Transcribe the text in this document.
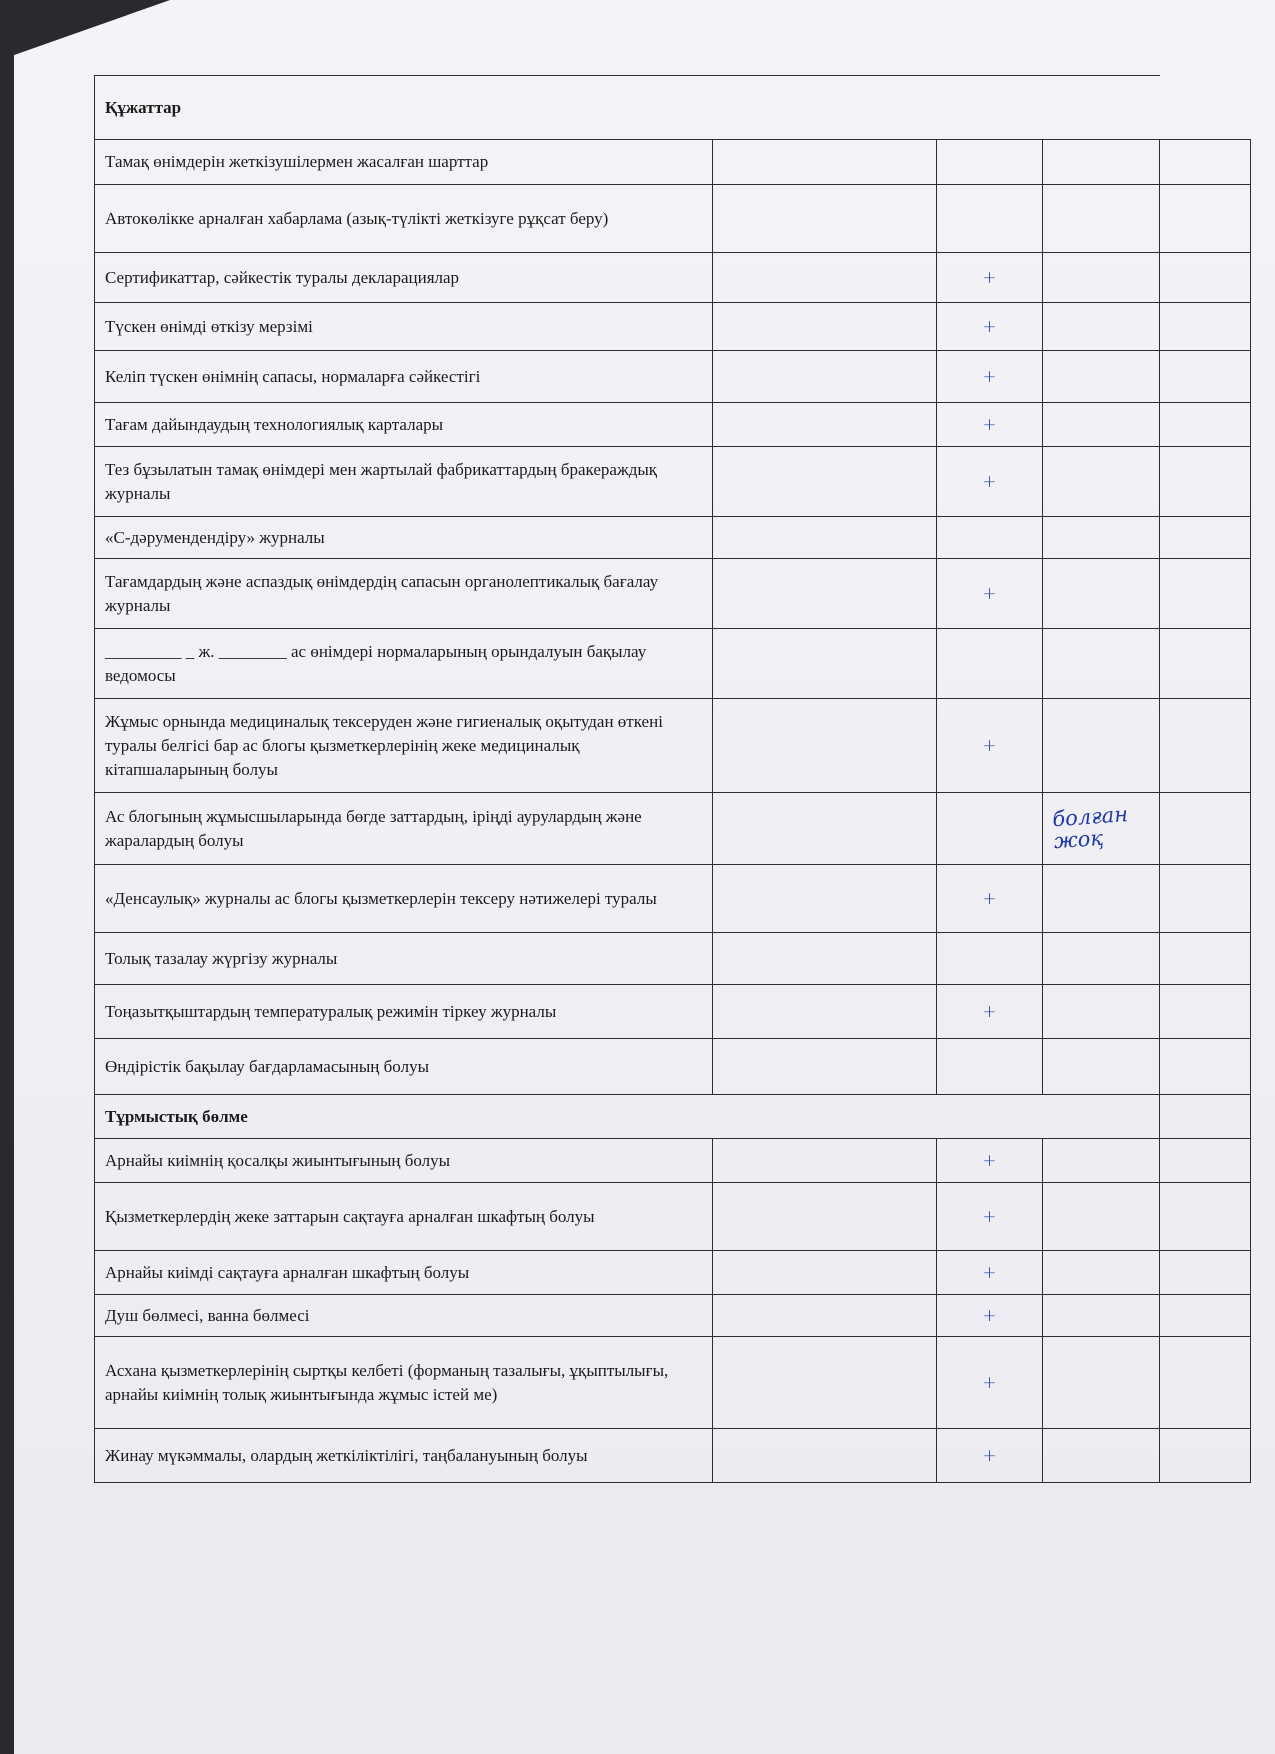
Құжаттар				
Тамақ өнімдерін жеткізушілермен жасалған шарттар				
Автокөлікке арналған хабарлама (азық-түлікті жеткізуге рұқсат беру)				
Сертификаттар, сәйкестік туралы декларациялар		+		
Түскен өнімді өткізу мерзімі		+		
Келіп түскен өнімнің сапасы, нормаларға сәйкестігі		+		
Тағам дайындаудың технологиялық карталары		+		
Тез бұзылатын тамақ өнімдері мен жартылай фабрикаттардың бракераждық журналы		+		
«С-дәрумендендіру» журналы				
Тағамдардың және аспаздық өнімдердің сапасын органолептикалық бағалау журналы		+		
_________ _ ж. ________ ас өнімдері нормаларының орындалуын бақылау ведомосы				
Жұмыс орнында медициналық тексеруден және гигиеналық оқытудан өткені туралы белгісі бар ас блогы қызметкерлерінің жеке медициналық кітапшаларының болуы		+		
Ас блогының жұмысшыларында бөгде заттардың, іріңді аурулардың және жаралардың болуы			болған жоқ	
«Денсаулық» журналы ас блогы қызметкерлерін тексеру нәтижелері туралы		+		
Толық тазалау жүргізу журналы				
Тоңазытқыштардың температуралық режимін тіркеу журналы		+		
Өндірістік бақылау бағдарламасының болуы				
Тұрмыстық бөлме				
Арнайы киімнің қосалқы жиынтығының болуы		+		
Қызметкерлердің жеке заттарын сақтауға арналған шкафтың болуы		+		
Арнайы киімді сақтауға арналған шкафтың болуы		+		
Душ бөлмесі, ванна бөлмесі		+		
Асхана қызметкерлерінің сыртқы келбеті (форманың тазалығы, ұқыптылығы, арнайы киімнің толық жиынтығында жұмыс істей ме)		+		
Жинау мүкәммалы, олардың жеткіліктілігі, таңбалануының болуы		+		
